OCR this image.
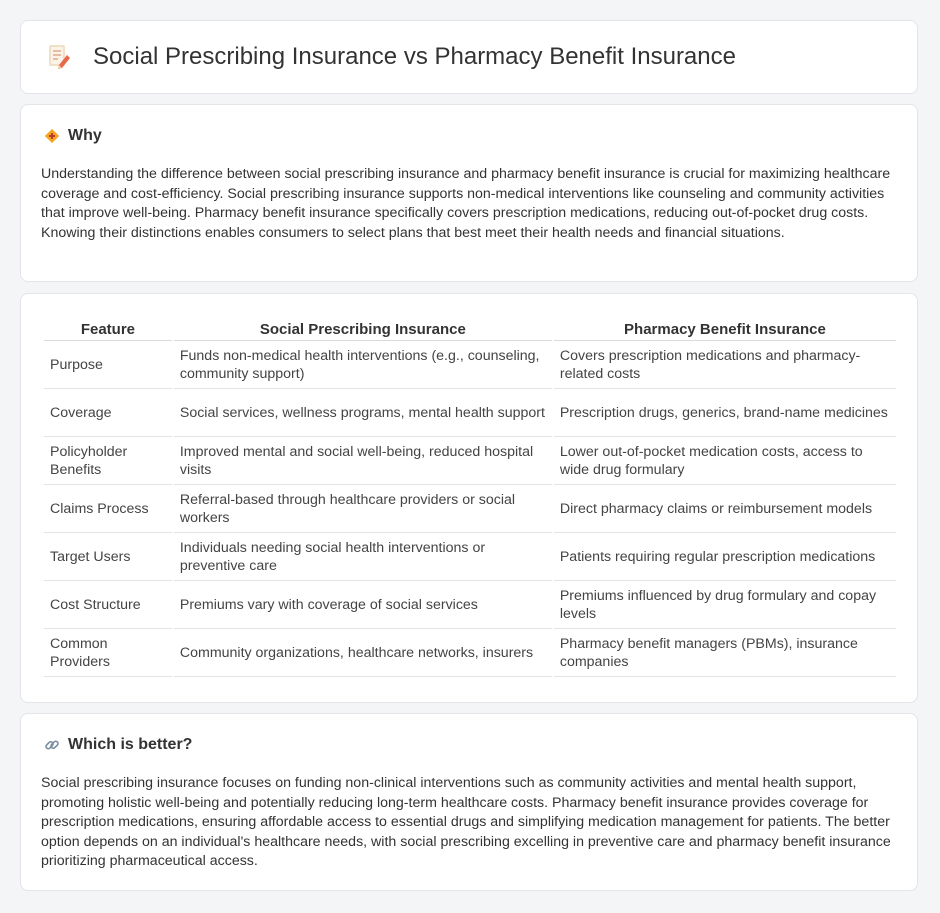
Social Prescribing Insurance vs Pharmacy Benefit Insurance
Why
Understanding the difference between social prescribing insurance and pharmacy benefit insurance is crucial for maximizing healthcare coverage and cost-efficiency. Social prescribing insurance supports non-medical interventions like counseling and community activities that improve well-being. Pharmacy benefit insurance specifically covers prescription medications, reducing out-of-pocket drug costs. Knowing their distinctions enables consumers to select plans that best meet their health needs and financial situations.
Feature	Social Prescribing Insurance	Pharmacy Benefit Insurance
Purpose	Funds non-medical health interventions (e.g., counseling, community support)	Covers prescription medications and pharmacy-related costs
Coverage	Social services, wellness programs, mental health support	Prescription drugs, generics, brand-name medicines
Policyholder Benefits	Improved mental and social well-being, reduced hospital visits	Lower out-of-pocket medication costs, access to wide drug formulary
Claims Process	Referral-based through healthcare providers or social workers	Direct pharmacy claims or reimbursement models
Target Users	Individuals needing social health interventions or preventive care	Patients requiring regular prescription medications
Cost Structure	Premiums vary with coverage of social services	Premiums influenced by drug formulary and copay levels
Common Providers	Community organizations, healthcare networks, insurers	Pharmacy benefit managers (PBMs), insurance companies
Which is better?
Social prescribing insurance focuses on funding non-clinical interventions such as community activities and mental health support, promoting holistic well-being and potentially reducing long-term healthcare costs. Pharmacy benefit insurance provides coverage for prescription medications, ensuring affordable access to essential drugs and simplifying medication management for patients. The better option depends on an individual's healthcare needs, with social prescribing excelling in preventive care and pharmacy benefit insurance prioritizing pharmaceutical access.
